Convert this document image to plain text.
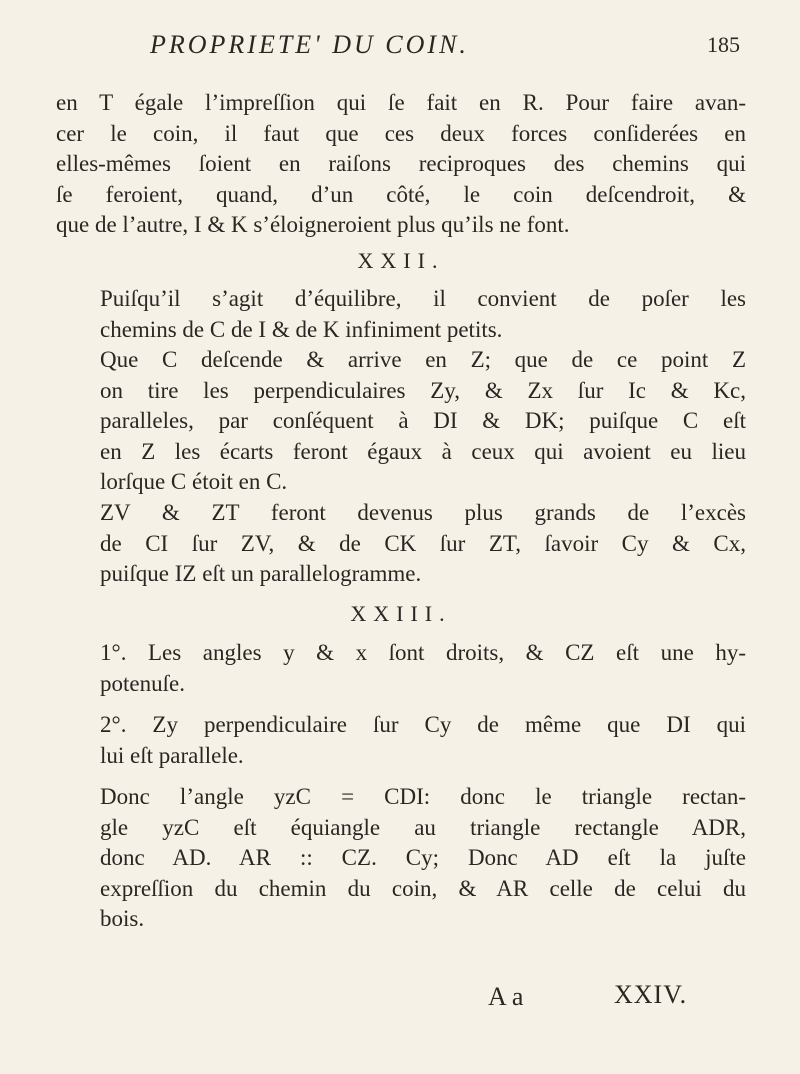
PROPRIETE' DU COIN.	185

en T égale l’impreſſion qui ſe fait en R. Pour faire avan-
cer le coin, il faut que ces deux forces conſiderées en
elles-mêmes ſoient en raiſons reciproques des chemins qui
ſe feroient, quand, d’un côté, le coin deſcendroit, &
que de l’autre, I & K s’éloigneroient plus qu’ils ne font.

XXII.

Puiſqu’il s’agit d’équilibre, il convient de poſer les
chemins de C de I & de K infiniment petits.

Que C deſcende & arrive en Z; que de ce point Z
on tire les perpendiculaires Zy, & Zx ſur Ic & Kc,
paralleles, par conſéquent à DI & DK; puiſque C eſt
en Z les écarts feront égaux à ceux qui avoient eu lieu
lorſque C étoit en C.

ZV & ZT feront devenus plus grands de l’excès
de CI ſur ZV, & de CK ſur ZT, ſavoir Cy & Cx,
puiſque IZ eſt un parallelogramme.

XXIII.

1°. Les angles y & x ſont droits, & CZ eſt une hy-
potenuſe.

2°. Zy perpendiculaire ſur Cy de même que DI qui
lui eſt parallele.

Donc l’angle yzC = CDI: donc le triangle rectan-
gle yzC eſt équiangle au triangle rectangle ADR,
donc AD. AR :: CZ. Cy; Donc AD eſt la juſte
expreſſion du chemin du coin, & AR celle de celui du
bois.

A a	XXIV.
